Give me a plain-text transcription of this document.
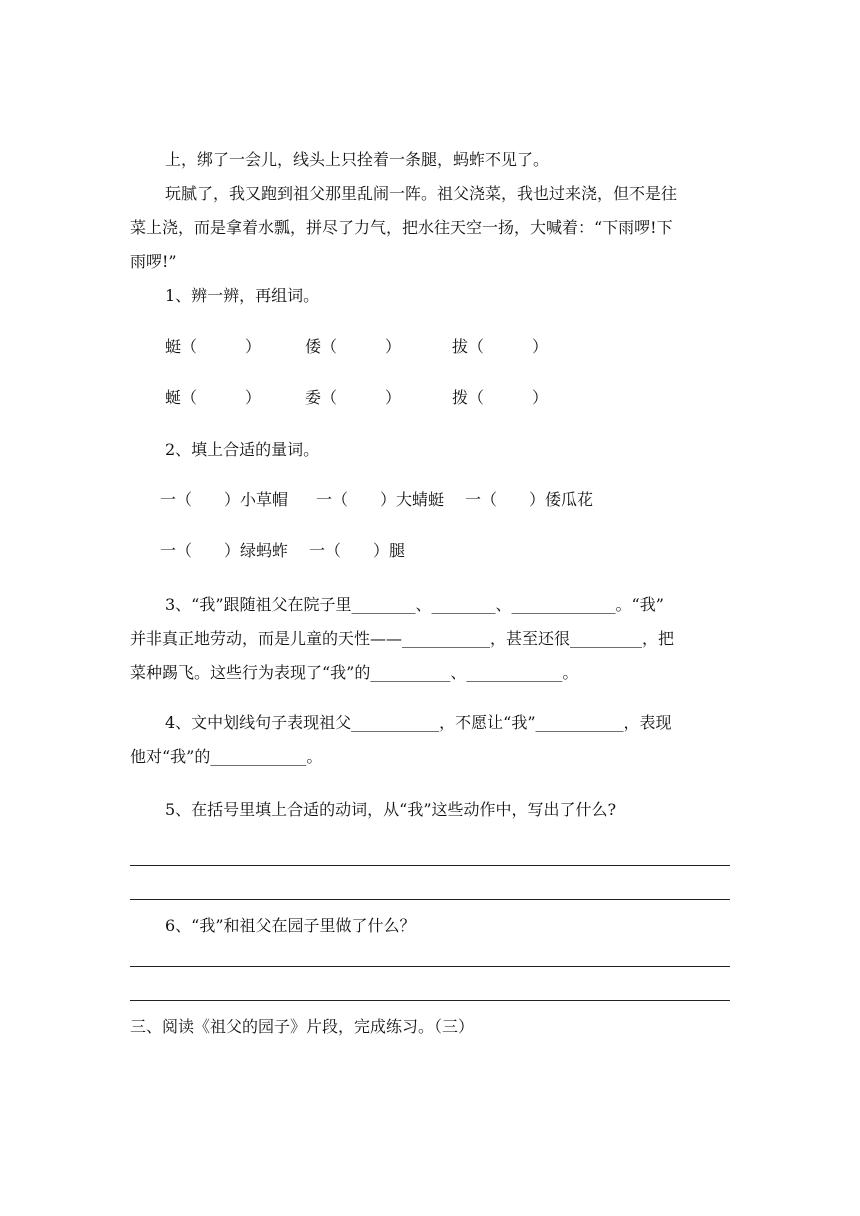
上，绑了一会儿，线头上只拴着一条腿，蚂蚱不见了。
玩腻了，我又跑到祖父那里乱闹一阵。祖父浇菜，我也过来浇，但不是往
菜上浇，而是拿着水瓢，拼尽了力气，把水往天空一扬，大喊着：“下雨啰!下
雨啰!”
1、辨一辨，再组词。
蜓（　　　）	倭（　　　）	拔（　　　）
蜒（　　　）	委（　　　）	拨（　　　）
2、填上合适的量词。
一（　　）小草帽 一（　　）大蜻蜓 一（　　）倭瓜花
一（　　）绿蚂蚱 一（　　）腿
3、“我”跟随祖父在院子里________、________、_____________。“我”
并非真正地劳动，而是儿童的天性——___________，甚至还很_________，把
菜种踢飞。这些行为表现了“我”的__________、____________。
4、文中划线句子表现祖父___________，不愿让“我”___________，表现
他对“我”的____________。
5、在括号里填上合适的动词，从“我”这些动作中，写出了什么?
6、“我”和祖父在园子里做了什么？
三、阅读《祖父的园子》片段，完成练习。（三）
